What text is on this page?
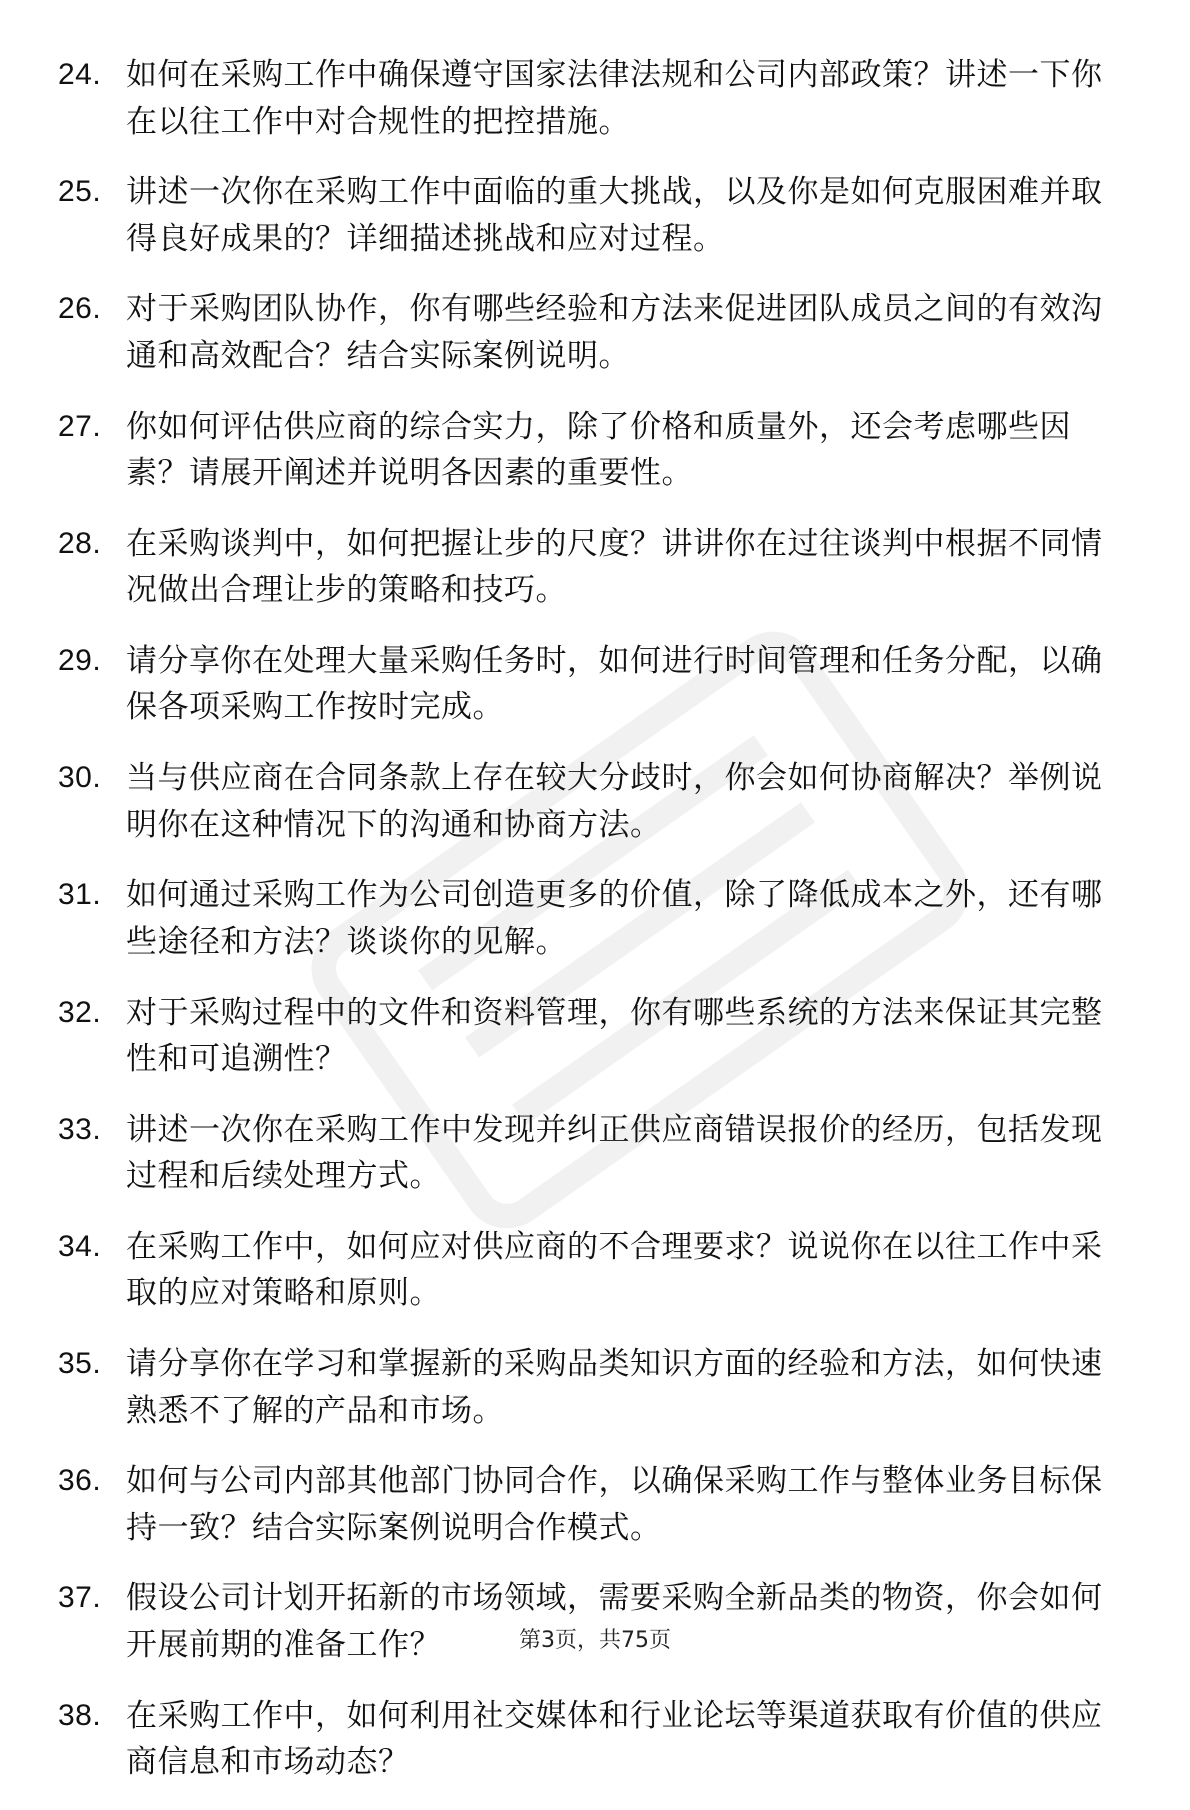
24. 如何在采购工作中确保遵守国家法律法规和公司内部政策？讲述一下你在以往工作中对合规性的把控措施。
25. 讲述一次你在采购工作中面临的重大挑战，以及你是如何克服困难并取得良好成果的？详细描述挑战和应对过程。
26. 对于采购团队协作，你有哪些经验和方法来促进团队成员之间的有效沟通和高效配合？结合实际案例说明。
27. 你如何评估供应商的综合实力，除了价格和质量外，还会考虑哪些因素？请展开阐述并说明各因素的重要性。
28. 在采购谈判中，如何把握让步的尺度？讲讲你在过往谈判中根据不同情况做出合理让步的策略和技巧。
29. 请分享你在处理大量采购任务时，如何进行时间管理和任务分配，以确保各项采购工作按时完成。
30. 当与供应商在合同条款上存在较大分歧时，你会如何协商解决？举例说明你在这种情况下的沟通和协商方法。
31. 如何通过采购工作为公司创造更多的价值，除了降低成本之外，还有哪些途径和方法？谈谈你的见解。
32. 对于采购过程中的文件和资料管理，你有哪些系统的方法来保证其完整性和可追溯性？
33. 讲述一次你在采购工作中发现并纠正供应商错误报价的经历，包括发现过程和后续处理方式。
34. 在采购工作中，如何应对供应商的不合理要求？说说你在以往工作中采取的应对策略和原则。
35. 请分享你在学习和掌握新的采购品类知识方面的经验和方法，如何快速熟悉不了解的产品和市场。
36. 如何与公司内部其他部门协同合作，以确保采购工作与整体业务目标保持一致？结合实际案例说明合作模式。
37. 假设公司计划开拓新的市场领域，需要采购全新品类的物资，你会如何开展前期的准备工作？
38. 在采购工作中，如何利用社交媒体和行业论坛等渠道获取有价值的供应商信息和市场动态？
第3页，共75页
